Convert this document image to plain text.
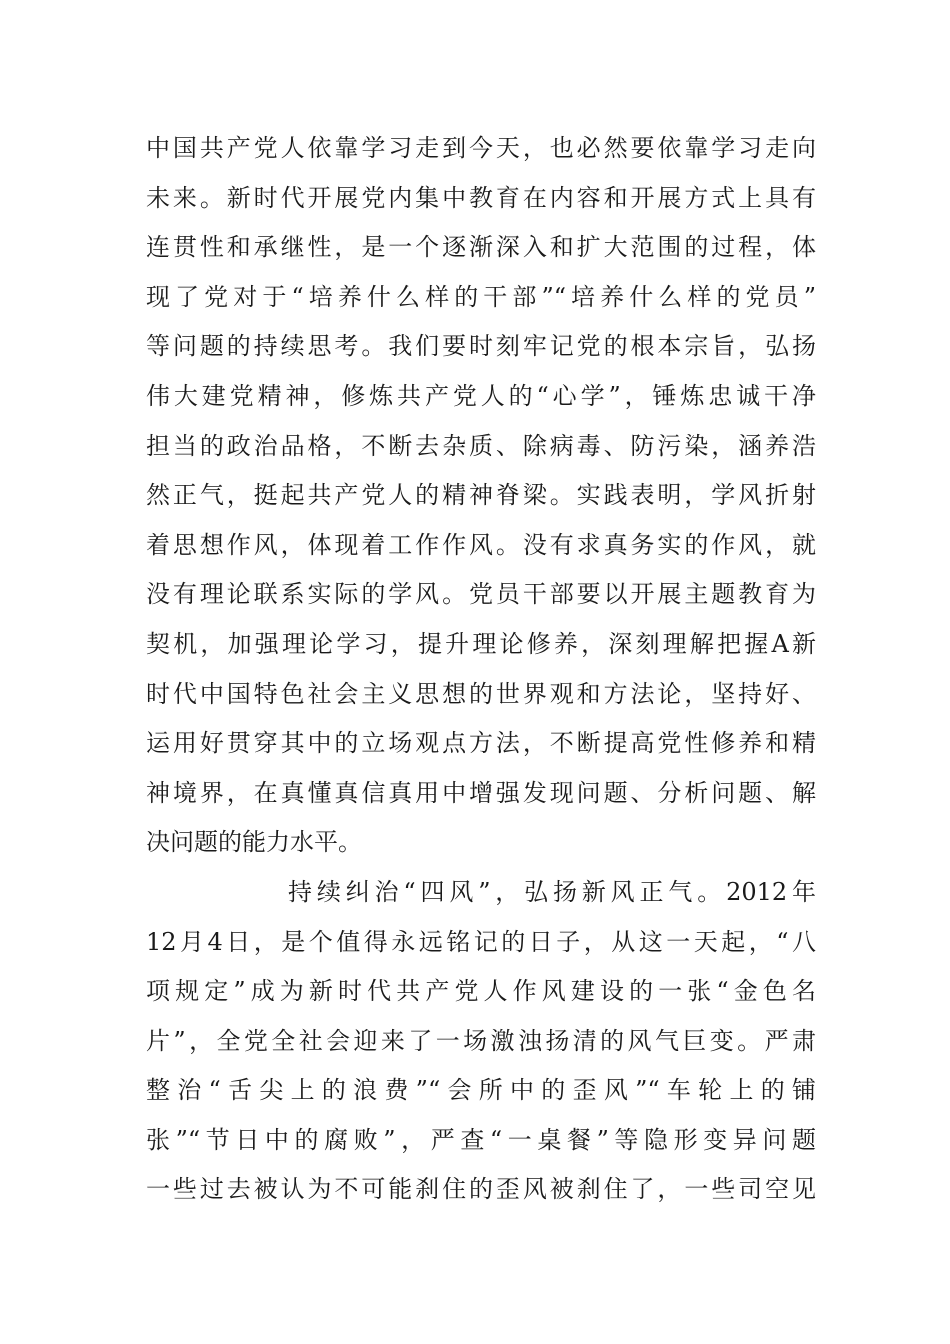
中国共产党人依靠学习走到今天，也必然要依靠学习走向
未来。新时代开展党内集中教育在内容和开展方式上具有
连贯性和承继性，是一个逐渐深入和扩大范围的过程，体
现了党对于“培养什么样的干部”“培养什么样的党员”
等问题的持续思考。我们要时刻牢记党的根本宗旨，弘扬
伟大建党精神，修炼共产党人的“心学”，锤炼忠诚干净
担当的政治品格，不断去杂质、除病毒、防污染，涵养浩
然正气，挺起共产党人的精神脊梁。实践表明，学风折射
着思想作风，体现着工作作风。没有求真务实的作风，就
没有理论联系实际的学风。党员干部要以开展主题教育为
契机，加强理论学习，提升理论修养，深刻理解把握A新
时代中国特色社会主义思想的世界观和方法论，坚持好、
运用好贯穿其中的立场观点方法，不断提高党性修养和精
神境界，在真懂真信真用中增强发现问题、分析问题、解
决问题的能力水平。
持续纠治“四风”，弘扬新风正气。2012年
12月4日，是个值得永远铭记的日子，从这一天起，“八
项规定”成为新时代共产党人作风建设的一张“金色名
片”，全党全社会迎来了一场激浊扬清的风气巨变。严肃
整治“舌尖上的浪费”“会所中的歪风”“车轮上的铺
张”“节日中的腐败”，严查“一桌餐”等隐形变异问题
一些过去被认为不可能刹住的歪风被刹住了，一些司空见
